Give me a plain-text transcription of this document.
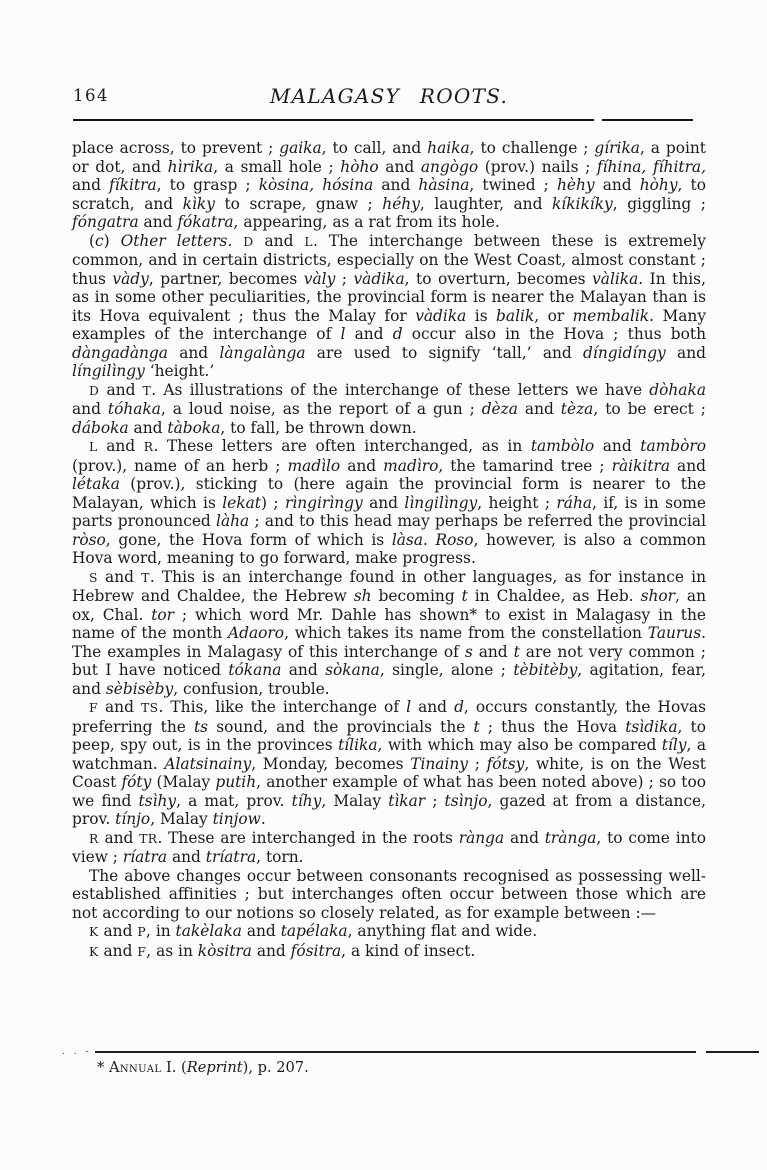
164	MALAGASY ROOTS.

place across, to prevent ; gaika, to call, and haika, to challenge ; gírika, a point or dot, and hìrika, a small hole ; hòho and angògo (prov.) nails ; fíhina, fíhitra, and fíkitra, to grasp ; kòsina, hósina and hàsina, twined ; hèhy and hòhy, to scratch, and kìky to scrape, gnaw ; héhy, laughter, and kíkikíky, giggling ; fóngatra and fókatra, appearing, as a rat from its hole.

(c) Other letters. D and L. The interchange between these is extremely common, and in certain districts, especially on the West Coast, almost constant ; thus vàdy, partner, becomes vàly ; vàdika, to overturn, becomes vàlika. In this, as in some other peculiarities, the provincial form is nearer the Malayan than is its Hova equivalent ; thus the Malay for vàdika is balik, or membalik. Many examples of the interchange of l and d occur also in the Hova ; thus both dàngadànga and làngalànga are used to signify ‘tall,’ and díngidíngy and língilìngy ‘height.’

D and T. As illustrations of the interchange of these letters we have dòhaka and tóhaka, a loud noise, as the report of a gun ; dèza and tèza, to be erect ; dáboka and tàboka, to fall, be thrown down.

L and R. These letters are often interchanged, as in tambòlo and tambòro (prov.), name of an herb ; madìlo and madìro, the tamarind tree ; ràikitra and létaka (prov.), sticking to (here again the provincial form is nearer to the Malayan, which is lekat) ; rìngirìngy and lìngilìngy, height ; ráha, if, is in some parts pronounced làha ; and to this head may perhaps be referred the provincial ròso, gone, the Hova form of which is làsa. Roso, however, is also a common Hova word, meaning to go forward, make progress.

S and T. This is an interchange found in other languages, as for instance in Hebrew and Chaldee, the Hebrew sh becoming t in Chaldee, as Heb. shor, an ox, Chal. tor ; which word Mr. Dahle has shown* to exist in Malagasy in the name of the month Adaoro, which takes its name from the constellation Taurus. The examples in Malagasy of this interchange of s and t are not very common ; but I have noticed tókana and sòkana, single, alone ; tèbitèby, agitation, fear, and sèbisèby, confusion, trouble.

F and TS. This, like the interchange of l and d, occurs constantly, the Hovas preferring the ts sound, and the provincials the t ; thus the Hova tsìdika, to peep, spy out, is in the provinces tílika, with which may also be compared tíly, a watchman. Alatsinainy, Monday, becomes Tinainy ; fótsy, white, is on the West Coast fóty (Malay putih, another example of what has been noted above) ; so too we find tsìhy, a mat, prov. tíhy, Malay tìkar ; tsìnjo, gazed at from a distance, prov. tínjo, Malay tinjow.

R and TR. These are interchanged in the roots rànga and trànga, to come into view ; ríatra and tríatra, torn.

The above changes occur between consonants recognised as possessing well-established affinities ; but interchanges often occur between those which are not according to our notions so closely related, as for example between :—

K and P, in takèlaka and tapélaka, anything flat and wide.

K and F, as in kòsitra and fósitra, a kind of insect.

. . -

* Annual I. (Reprint), p. 207.
